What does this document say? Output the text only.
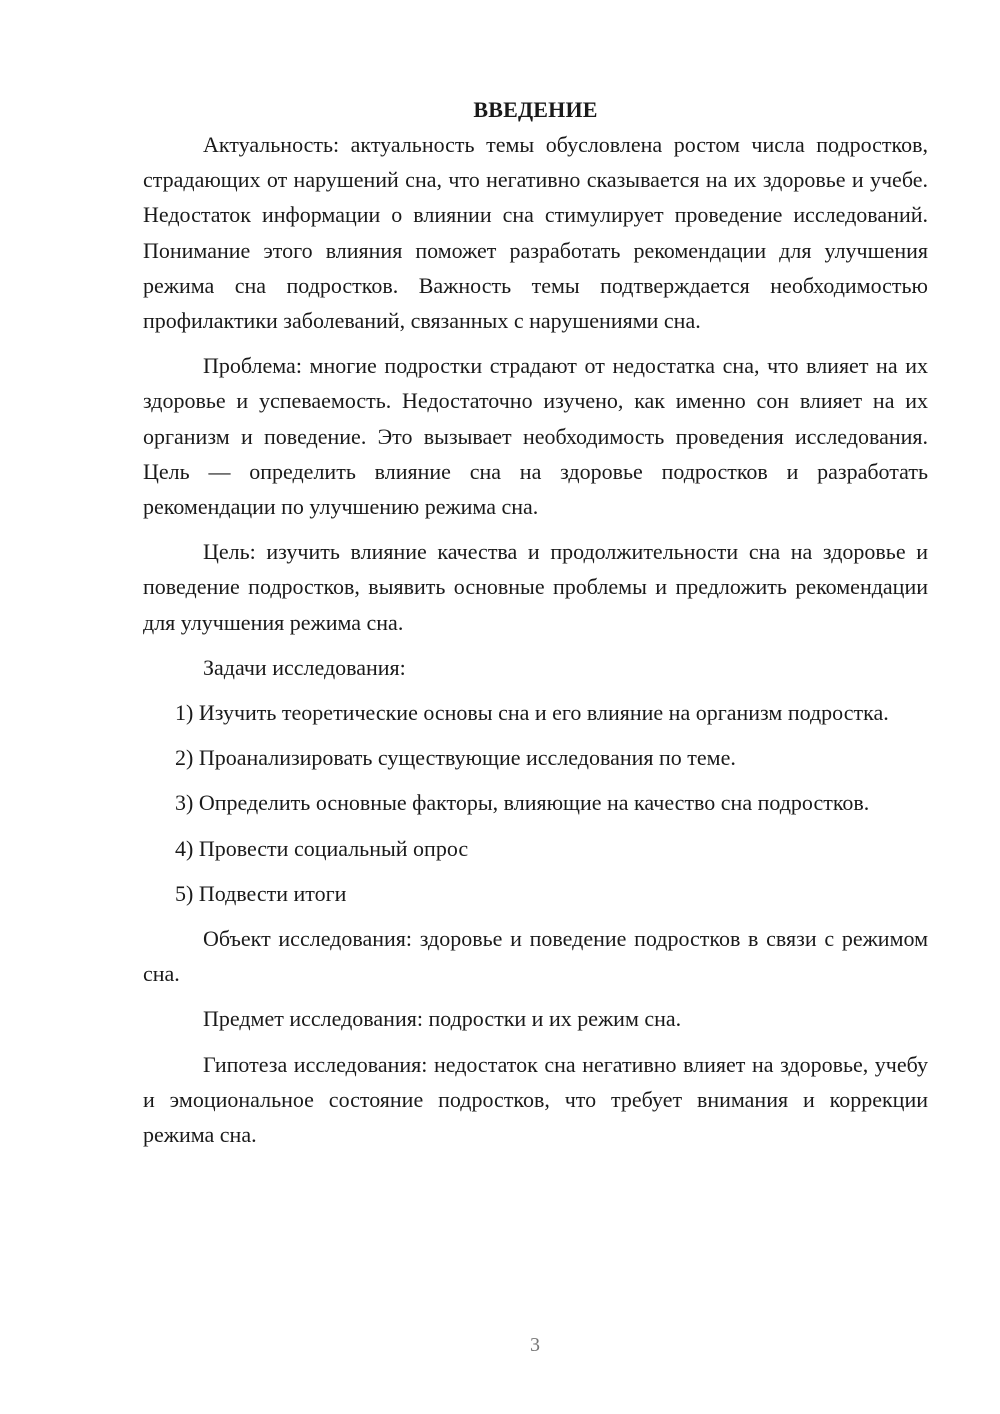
ВВЕДЕНИЕ

Актуальность: актуальность темы обусловлена ростом числа подростков, страдающих от нарушений сна, что негативно сказывается на их здоровье и учебе. Недостаток информации о влиянии сна стимулирует проведение исследований. Понимание этого влияния поможет разработать рекомендации для улучшения режима сна подростков. Важность темы подтверждается необходимостью профилактики заболеваний, связанных с нарушениями сна.

Проблема: многие подростки страдают от недостатка сна, что влияет на их здоровье и успеваемость. Недостаточно изучено, как именно сон влияет на их организм и поведение. Это вызывает необходимость проведения исследования. Цель — определить влияние сна на здоровье подростков и разработать рекомендации по улучшению режима сна.

Цель: изучить влияние качества и продолжительности сна на здоровье и поведение подростков, выявить основные проблемы и предложить рекомендации для улучшения режима сна.

Задачи исследования:

1) Изучить теоретические основы сна и его влияние на организм подростка.

2) Проанализировать существующие исследования по теме.

3) Определить основные факторы, влияющие на качество сна подростков.

4) Провести социальный опрос

5) Подвести итоги

Объект исследования: здоровье и поведение подростков в связи с режимом сна.

Предмет исследования: подростки и их режим сна.

Гипотеза исследования: недостаток сна негативно влияет на здоровье, учебу и эмоциональное состояние подростков, что требует внимания и коррекции режима сна.

3
